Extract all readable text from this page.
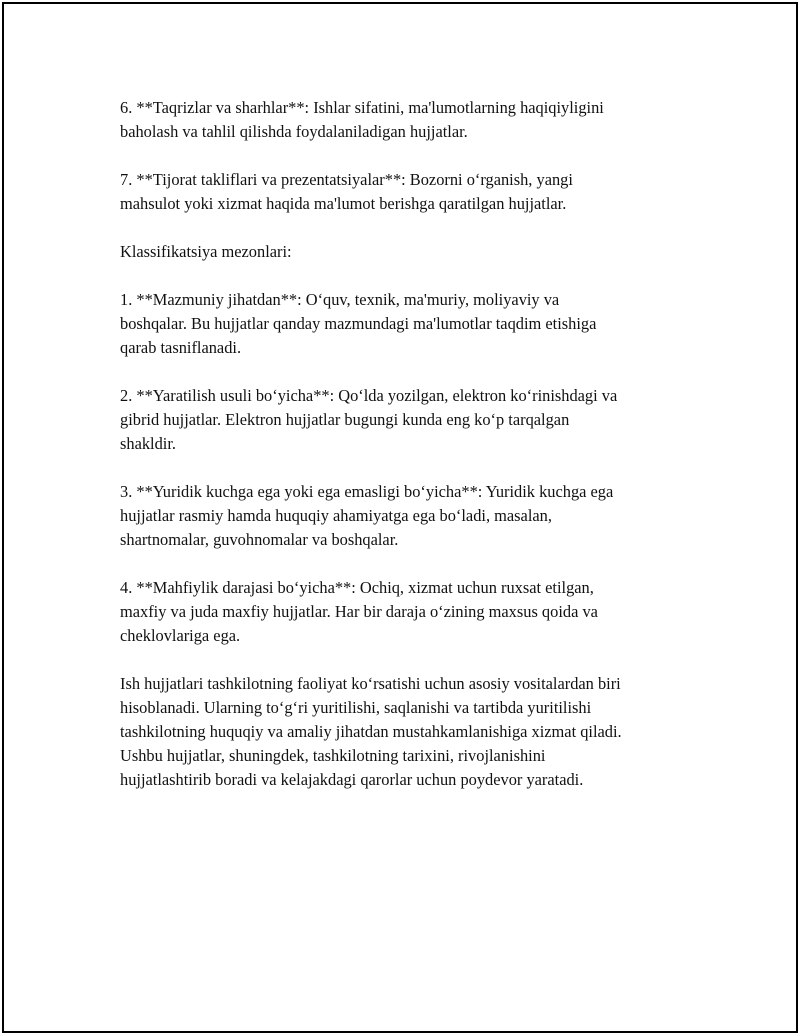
6. **Taqrizlar va sharhlar**: Ishlar sifatini, ma'lumotlarning haqiqiyligini
baholash va tahlil qilishda foydalaniladigan hujjatlar.

7. **Tijorat takliflari va prezentatsiyalar**: Bozorni o‘rganish, yangi
mahsulot yoki xizmat haqida ma'lumot berishga qaratilgan hujjatlar.

Klassifikatsiya mezonlari:

1. **Mazmuniy jihatdan**: O‘quv, texnik, ma'muriy, moliyaviy va
boshqalar. Bu hujjatlar qanday mazmundagi ma'lumotlar taqdim etishiga
qarab tasniflanadi.

2. **Yaratilish usuli bo‘yicha**: Qo‘lda yozilgan, elektron ko‘rinishdagi va
gibrid hujjatlar. Elektron hujjatlar bugungi kunda eng ko‘p tarqalgan
shakldir.

3. **Yuridik kuchga ega yoki ega emasligi bo‘yicha**: Yuridik kuchga ega
hujjatlar rasmiy hamda huquqiy ahamiyatga ega bo‘ladi, masalan,
shartnomalar, guvohnomalar va boshqalar.

4. **Mahfiylik darajasi bo‘yicha**: Ochiq, xizmat uchun ruxsat etilgan,
maxfiy va juda maxfiy hujjatlar. Har bir daraja o‘zining maxsus qoida va
cheklovlariga ega.

Ish hujjatlari tashkilotning faoliyat ko‘rsatishi uchun asosiy vositalardan biri
hisoblanadi. Ularning to‘g‘ri yuritilishi, saqlanishi va tartibda yuritilishi
tashkilotning huquqiy va amaliy jihatdan mustahkamlanishiga xizmat qiladi.
Ushbu hujjatlar, shuningdek, tashkilotning tarixini, rivojlanishini
hujjatlashtirib boradi va kelajakdagi qarorlar uchun poydevor yaratadi.
